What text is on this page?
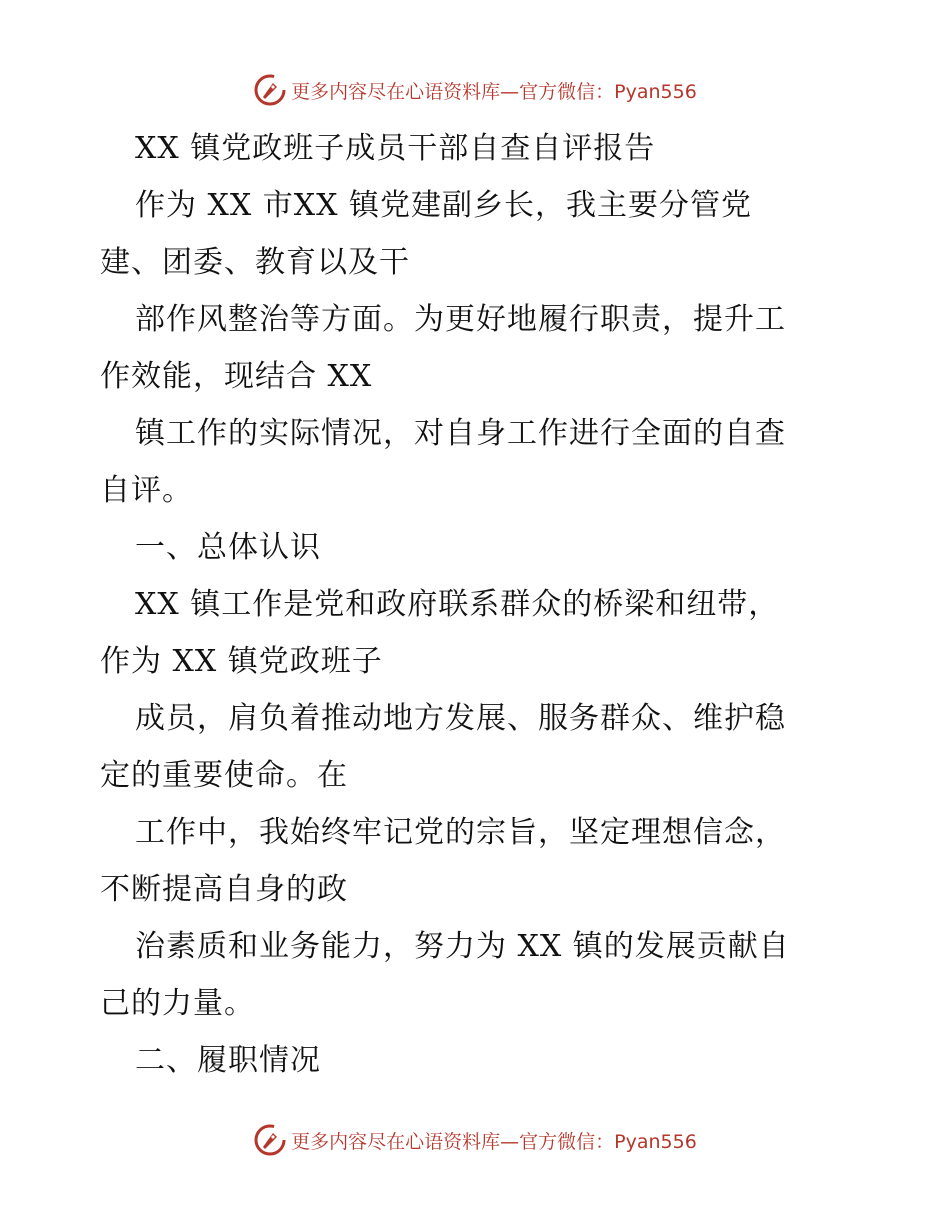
更多内容尽在心语资料库—官方微信：Pyan556

XX 镇党政班子成员干部自查自评报告

作为 XX 市XX 镇党建副乡长，我主要分管党

建、团委、教育以及干

部作风整治等方面。为更好地履行职责，提升工

作效能，现结合 XX

镇工作的实际情况，对自身工作进行全面的自查

自评。

一、总体认识

XX 镇工作是党和政府联系群众的桥梁和纽带，

作为 XX 镇党政班子

成员，肩负着推动地方发展、服务群众、维护稳

定的重要使命。在

工作中，我始终牢记党的宗旨，坚定理想信念，

不断提高自身的政

治素质和业务能力，努力为 XX 镇的发展贡献自

己的力量。

二、履职情况

更多内容尽在心语资料库—官方微信：Pyan556
